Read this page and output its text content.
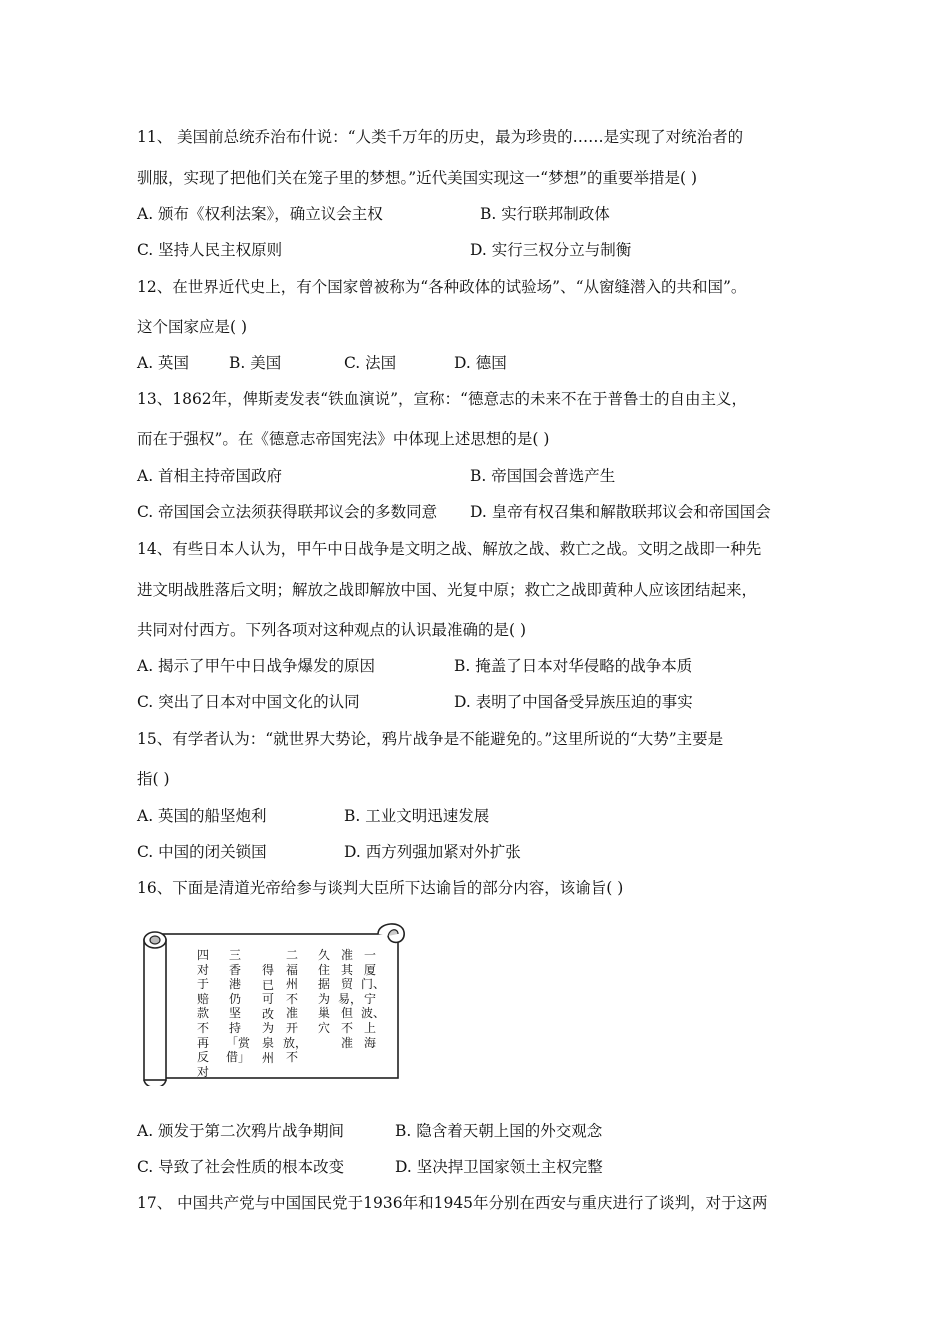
11、 美国前总统乔治布什说：“人类千万年的历史，最为珍贵的……是实现了对统治者的
驯服，实现了把他们关在笼子里的梦想。”近代美国实现这一“梦想”的重要举措是( )
A. 颁布《权利法案》，确立议会主权	B. 实行联邦制政体
C. 坚持人民主权原则	D. 实行三权分立与制衡
12、在世界近代史上，有个国家曾被称为“各种政体的试验场”、“从窗缝潜入的共和国”。
这个国家应是( )
A. 英国	B. 美国	C. 法国	D. 德国
13、1862年，俾斯麦发表“铁血演说”，宣称：“德意志的未来不在于普鲁士的自由主义，
而在于强权”。在《德意志帝国宪法》中体现上述思想的是( )
A. 首相主持帝国政府	B. 帝国国会普选产生
C. 帝国国会立法须获得联邦议会的多数同意 D. 皇帝有权召集和解散联邦议会和帝国国会
14、有些日本人认为，甲午中日战争是文明之战、解放之战、救亡之战。文明之战即一种先
进文明战胜落后文明；解放之战即解放中国、光复中原；救亡之战即黄种人应该团结起来，
共同对付西方。下列各项对这种观点的认识最准确的是( )
A. 揭示了甲午中日战争爆发的原因	B. 掩盖了日本对华侵略的战争本质
C. 突出了日本对中国文化的认同	D. 表明了中国备受异族压迫的事实
15、有学者认为：“就世界大势论，鸦片战争是不能避免的。”这里所说的“大势”主要是
指( )
A. 英国的船坚炮利	B. 工业文明迅速发展
C. 中国的闭关锁国	D. 西方列强加紧对外扩张
16、下面是清道光帝给参与谈判大臣所下达谕旨的部分内容，该谕旨( )
一厦门、宁波、上海
准其贸易，但不准
久住据为巢穴
二福州不准开放，不
得已可改为泉州
三香港仍坚持「赏借」
四对于赔款不再反对
A. 颁发于第二次鸦片战争期间	B. 隐含着天朝上国的外交观念
C. 导致了社会性质的根本改变	D. 坚决捍卫国家领土主权完整
17、 中国共产党与中国国民党于1936年和1945年分别在西安与重庆进行了谈判，对于这两
